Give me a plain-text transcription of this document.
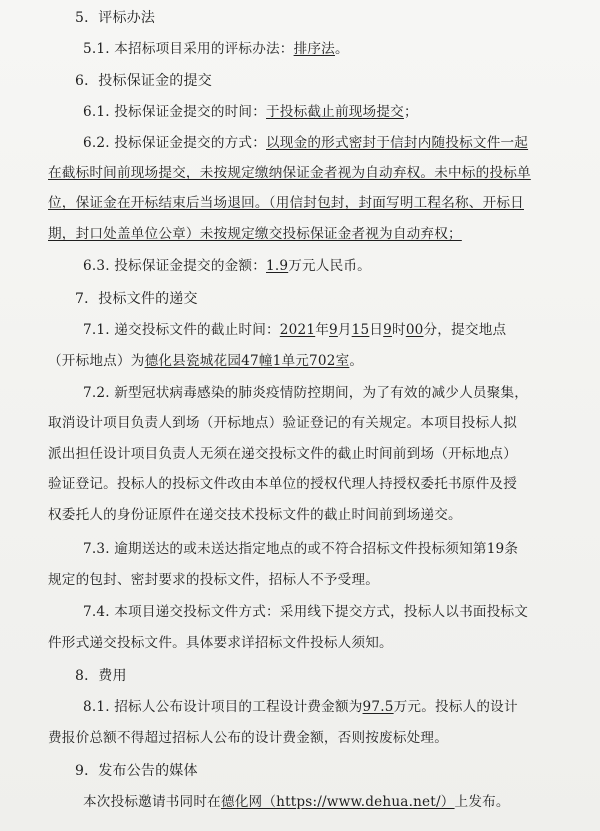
5．评标办法
5.1. 本招标项目采用的评标办法：排序法。
6．投标保证金的提交
6.1. 投标保证金提交的时间：于投标截止前现场提交；
6.2. 投标保证金提交的方式：以现金的形式密封于信封内随投标文件一起
在截标时间前现场提交，未按规定缴纳保证金者视为自动弃权。未中标的投标单
位，保证金在开标结束后当场退回。（用信封包封，封面写明工程名称、开标日
期，封口处盖单位公章）未按规定缴交投标保证金者视为自动弃权；
6.3. 投标保证金提交的金额：1.9万元人民币。
7．投标文件的递交
7.1. 递交投标文件的截止时间：2021年9月15日9时00分，提交地点
（开标地点）为德化县瓷城花园47幢1单元702室。
7.2. 新型冠状病毒感染的肺炎疫情防控期间，为了有效的减少人员聚集，
取消设计项目负责人到场（开标地点）验证登记的有关规定。本项目投标人拟
派出担任设计项目负责人无须在递交投标文件的截止时间前到场（开标地点）
验证登记。投标人的投标文件改由本单位的授权代理人持授权委托书原件及授
权委托人的身份证原件在递交技术投标文件的截止时间前到场递交。
7.3. 逾期送达的或未送达指定地点的或不符合招标文件投标须知第19条
规定的包封、密封要求的投标文件，招标人不予受理。
7.4. 本项目递交投标文件方式：采用线下提交方式，投标人以书面投标文
件形式递交投标文件。具体要求详招标文件投标人须知。
8．费用
8.1. 招标人公布设计项目的工程设计费金额为97.5万元。投标人的设计
费报价总额不得超过招标人公布的设计费金额，否则按废标处理。
9．发布公告的媒体
本次投标邀请书同时在德化网（https://www.dehua.net/）上发布。
